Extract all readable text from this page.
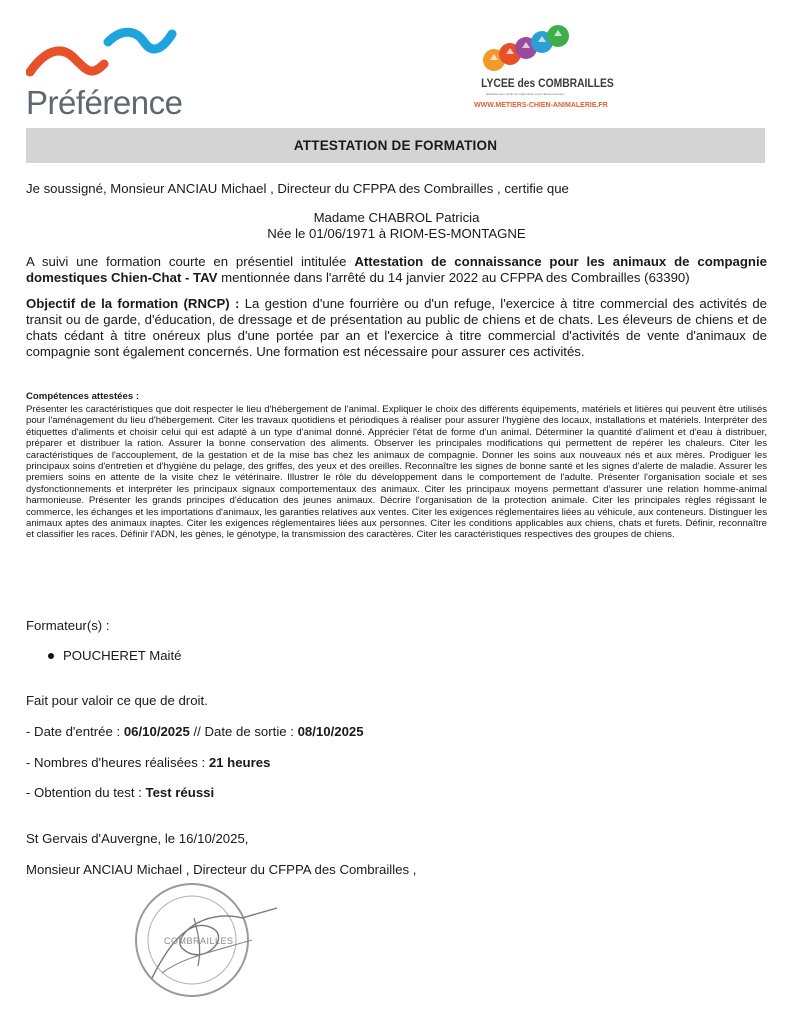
Préférence
LYCEE des COMBRAILLES
Établissement public de l'Agriculture et de l'Environnement
WWW.METIERS-CHIEN-ANIMALERIE.FR
ATTESTATION DE FORMATION
Je soussigné, Monsieur ANCIAU Michael , Directeur du CFPPA des Combrailles , certifie que
Madame CHABROL Patricia
Née le 01/06/1971 à RIOM-ES-MONTAGNE
A suivi une formation courte en présentiel intitulée Attestation de connaissance pour les animaux de compagnie domestiques Chien-Chat - TAV mentionnée dans l'arrêté du 14 janvier 2022 au CFPPA des Combrailles (63390)
Objectif de la formation (RNCP) : La gestion d'une fourrière ou d'un refuge, l'exercice à titre commercial des activités de transit ou de garde, d'éducation, de dressage et de présentation au public de chiens et de chats. Les éleveurs de chiens et de chats cédant à titre onéreux plus d'une portée par an et l'exercice à titre commercial d'activités de vente d'animaux de compagnie sont également concernés. Une formation est nécessaire pour assurer ces activités.
Compétences attestées :
Présenter les caractéristiques que doit respecter le lieu d'hébergement de l'animal. Expliquer le choix des différents équipements, matériels et litières qui peuvent être utilisés pour l'aménagement du lieu d'hébergement. Citer les travaux quotidiens et périodiques à réaliser pour assurer l'hygiène des locaux, installations et matériels. Interpréter des étiquettes d'aliments et choisir celui qui est adapté à un type d'animal donné. Apprécier l'état de forme d'un animal. Déterminer la quantité d'aliment et d'eau à distribuer, préparer et distribuer la ration. Assurer la bonne conservation des aliments. Observer les principales modifications qui permettent de repérer les chaleurs. Citer les caractéristiques de l'accouplement, de la gestation et de la mise bas chez les animaux de compagnie. Donner les soins aux nouveaux nés et aux mères. Prodiguer les principaux soins d'entretien et d'hygiène du pelage, des griffes, des yeux et des oreilles. Reconnaître les signes de bonne santé et les signes d'alerte de maladie. Assurer les premiers soins en attente de la visite chez le vétérinaire. Illustrer le rôle du développement dans le comportement de l'adulte. Présenter l'organisation sociale et ses dysfonctionnements et interpréter les principaux signaux comportementaux des animaux. Citer les principaux moyens permettant d'assurer une relation homme-animal harmonieuse. Présenter les grands principes d'éducation des jeunes animaux. Décrire l'organisation de la protection animale. Citer les principales règles régissant le commerce, les échanges et les importations d'animaux, les garanties relatives aux ventes. Citer les exigences réglementaires liées au véhicule, aux conteneurs. Distinguer les animaux aptes des animaux inaptes. Citer les exigences réglementaires liées aux personnes. Citer les conditions applicables aux chiens, chats et furets. Définir, reconnaître et classifier les races. Définir l'ADN, les gènes, le génotype, la transmission des caractères. Citer les caractéristiques respectives des groupes de chiens.
Formateur(s) :
POUCHERET Maité
Fait pour valoir ce que de droit.
- Date d'entrée : 06/10/2025 // Date de sortie : 08/10/2025
- Nombres d'heures réalisées : 21 heures
- Obtention du test : Test réussi
St Gervais d'Auvergne, le 16/10/2025,
Monsieur ANCIAU Michael , Directeur du CFPPA des Combrailles ,
COMBRAILLES
